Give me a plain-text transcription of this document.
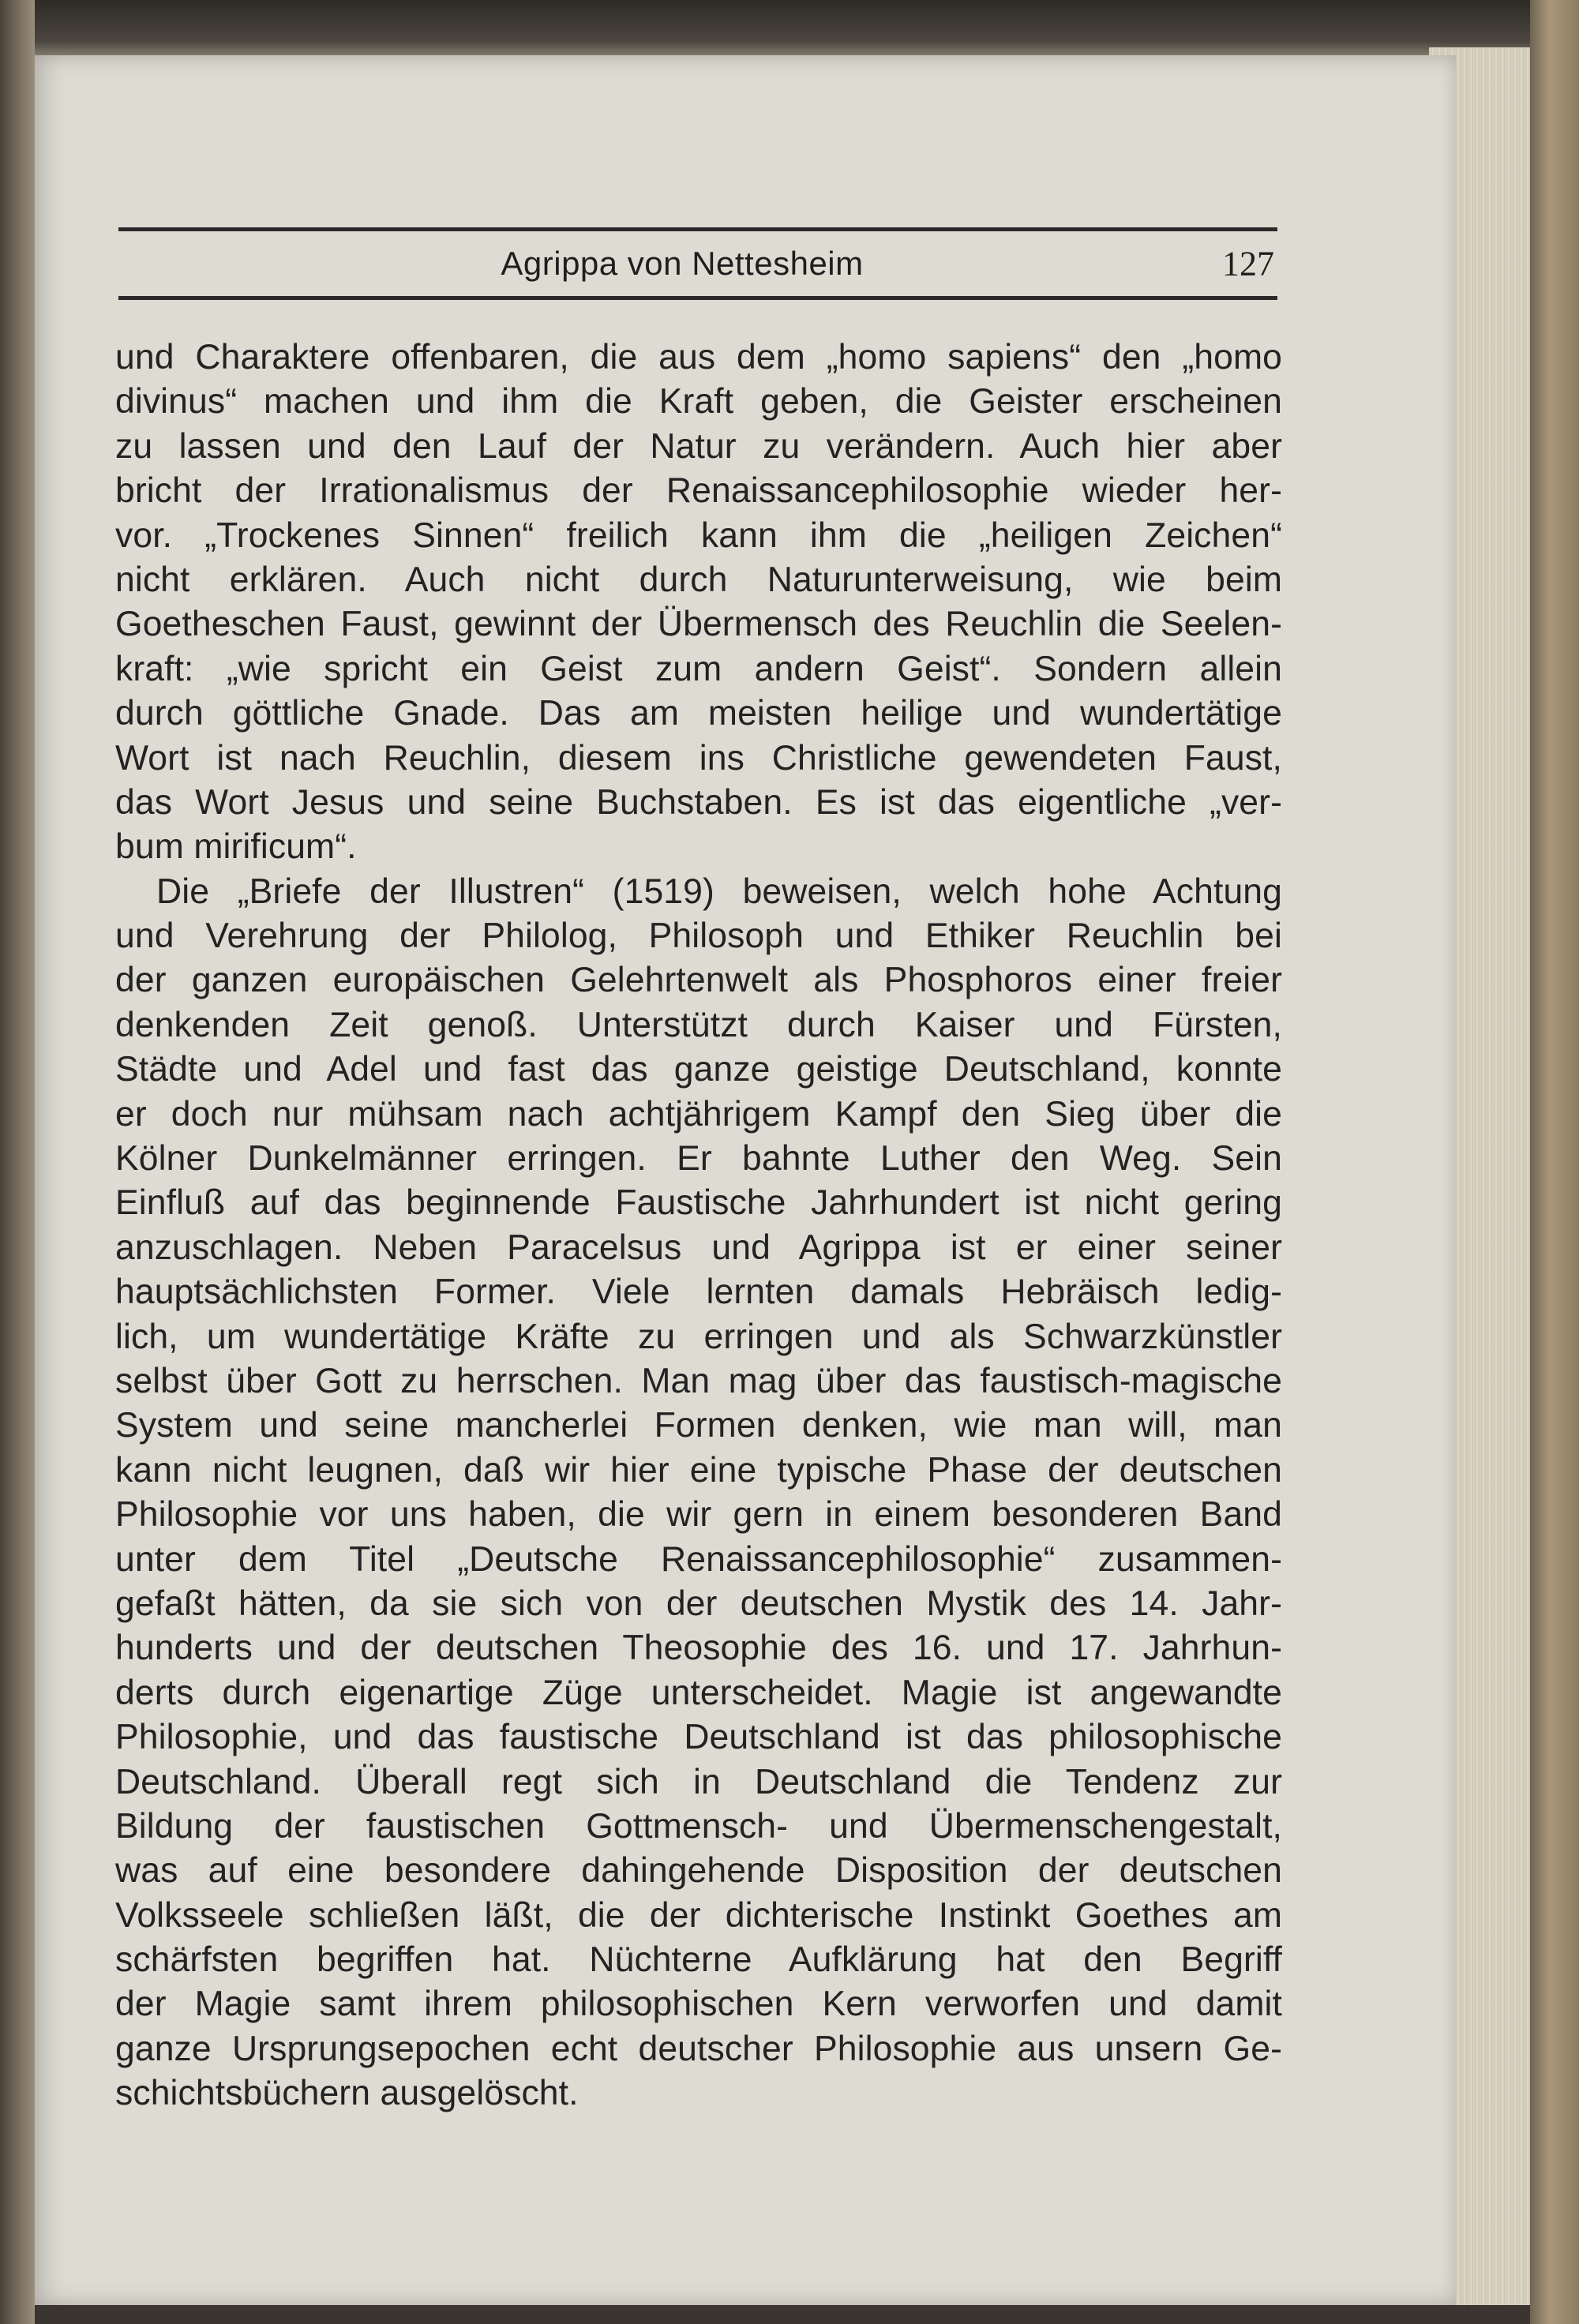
Agrippa von Nettesheim	127
und Charaktere offenbaren, die aus dem „homo sapiens“ den „homo
divinus“ machen und ihm die Kraft geben, die Geister erscheinen
zu lassen und den Lauf der Natur zu verändern. Auch hier aber
bricht der Irrationalismus der Renaissancephilosophie wieder her-
vor. „Trockenes Sinnen“ freilich kann ihm die „heiligen Zeichen“
nicht erklären. Auch nicht durch Naturunterweisung, wie beim
Goetheschen Faust, gewinnt der Übermensch des Reuchlin die Seelen-
kraft: „wie spricht ein Geist zum andern Geist“. Sondern allein
durch göttliche Gnade. Das am meisten heilige und wundertätige
Wort ist nach Reuchlin, diesem ins Christliche gewendeten Faust,
das Wort Jesus und seine Buchstaben. Es ist das eigentliche „ver-
bum mirificum“.
Die „Briefe der Illustren“ (1519) beweisen, welch hohe Achtung
und Verehrung der Philolog, Philosoph und Ethiker Reuchlin bei
der ganzen europäischen Gelehrtenwelt als Phosphoros einer freier
denkenden Zeit genoß. Unterstützt durch Kaiser und Fürsten,
Städte und Adel und fast das ganze geistige Deutschland, konnte
er doch nur mühsam nach achtjährigem Kampf den Sieg über die
Kölner Dunkelmänner erringen. Er bahnte Luther den Weg. Sein
Einfluß auf das beginnende Faustische Jahrhundert ist nicht gering
anzuschlagen. Neben Paracelsus und Agrippa ist er einer seiner
hauptsächlichsten Former. Viele lernten damals Hebräisch ledig-
lich, um wundertätige Kräfte zu erringen und als Schwarzkünstler
selbst über Gott zu herrschen. Man mag über das faustisch-magische
System und seine mancherlei Formen denken, wie man will, man
kann nicht leugnen, daß wir hier eine typische Phase der deutschen
Philosophie vor uns haben, die wir gern in einem besonderen Band
unter dem Titel „Deutsche Renaissancephilosophie“ zusammen-
gefaßt hätten, da sie sich von der deutschen Mystik des 14. Jahr-
hunderts und der deutschen Theosophie des 16. und 17. Jahrhun-
derts durch eigenartige Züge unterscheidet. Magie ist angewandte
Philosophie, und das faustische Deutschland ist das philosophische
Deutschland. Überall regt sich in Deutschland die Tendenz zur
Bildung der faustischen Gottmensch- und Übermenschengestalt,
was auf eine besondere dahingehende Disposition der deutschen
Volksseele schließen läßt, die der dichterische Instinkt Goethes am
schärfsten begriffen hat. Nüchterne Aufklärung hat den Begriff
der Magie samt ihrem philosophischen Kern verworfen und damit
ganze Ursprungsepochen echt deutscher Philosophie aus unsern Ge-
schichtsbüchern ausgelöscht.
